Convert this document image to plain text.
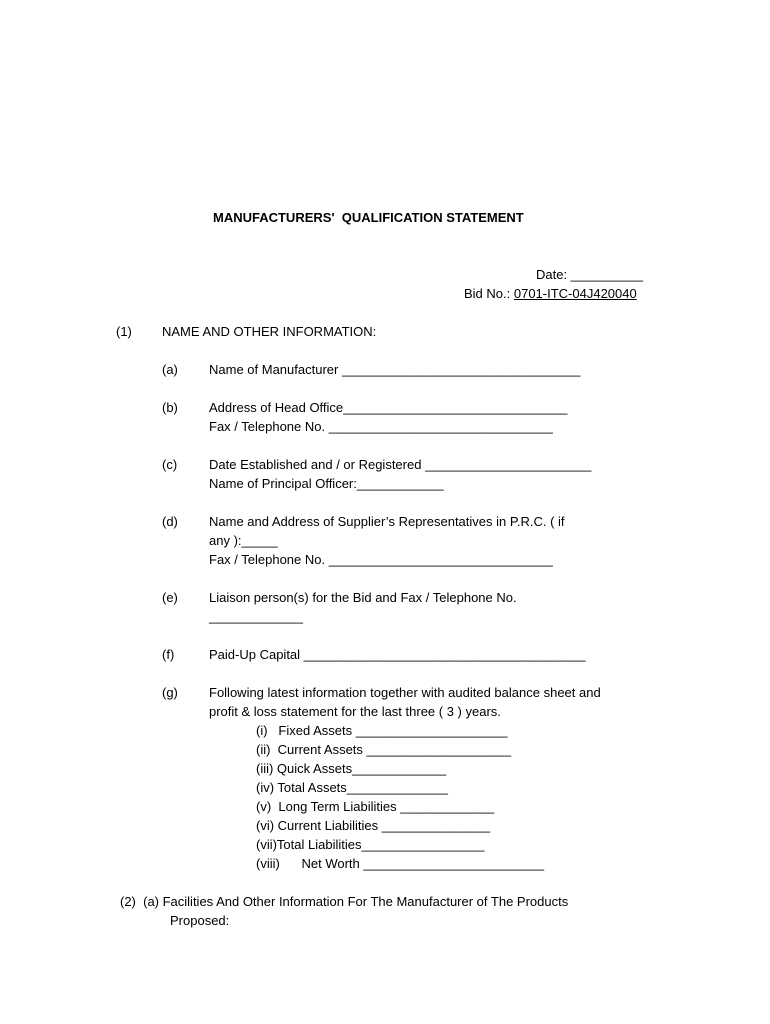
MANUFACTURERS'  QUALIFICATION STATEMENT
Date: __________
Bid No.: 0701-ITC-04J420040
(1) NAME AND OTHER INFORMATION:
(a) Name of Manufacturer _________________________________
(b) Address of Head Office_______________________________
Fax / Telephone No. _______________________________
(c) Date Established and / or Registered _______________________
Name of Principal Officer:____________
(d) Name and Address of Supplier’s Representatives in P.R.C. ( if
any ):_____
Fax / Telephone No. _______________________________
(e) Liaison person(s) for the Bid and Fax / Telephone No.
_____________
(f)	Paid-Up Capital _______________________________________
(g) Following latest information together with audited balance sheet and
profit & loss statement for the last three ( 3 ) years.
(i)   Fixed Assets _____________________
(ii)  Current Assets ____________________
(iii) Quick Assets_____________
(iv) Total Assets______________
(v)  Long Term Liabilities _____________
(vi) Current Liabilities _______________
(vii)Total Liabilities_________________
(viii)      Net Worth _________________________
(2)  (a) Facilities And Other Information For The Manufacturer of The Products
Proposed:
